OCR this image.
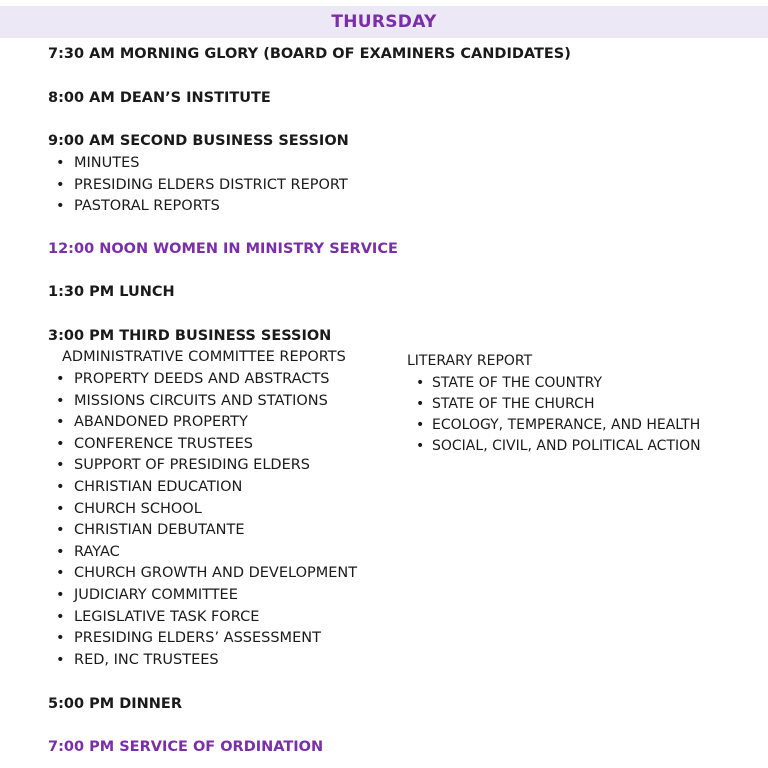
THURSDAY
7:30 AM MORNING GLORY (BOARD OF EXAMINERS CANDIDATES)
8:00 AM DEAN’S INSTITUTE
9:00 AM SECOND BUSINESS SESSION
• MINUTES
• PRESIDING ELDERS DISTRICT REPORT
• PASTORAL REPORTS
12:00 NOON WOMEN IN MINISTRY SERVICE
1:30 PM LUNCH
3:00 PM THIRD BUSINESS SESSION
ADMINISTRATIVE COMMITTEE REPORTS
• PROPERTY DEEDS AND ABSTRACTS
• MISSIONS CIRCUITS AND STATIONS
• ABANDONED PROPERTY
• CONFERENCE TRUSTEES
• SUPPORT OF PRESIDING ELDERS
• CHRISTIAN EDUCATION
• CHURCH SCHOOL
• CHRISTIAN DEBUTANTE
• RAYAC
• CHURCH GROWTH AND DEVELOPMENT
• JUDICIARY COMMITTEE
• LEGISLATIVE TASK FORCE
• PRESIDING ELDERS’ ASSESSMENT
• RED, INC TRUSTEES
LITERARY REPORT
• STATE OF THE COUNTRY
• STATE OF THE CHURCH
• ECOLOGY, TEMPERANCE, AND HEALTH
• SOCIAL, CIVIL, AND POLITICAL ACTION
5:00 PM DINNER
7:00 PM SERVICE OF ORDINATION
